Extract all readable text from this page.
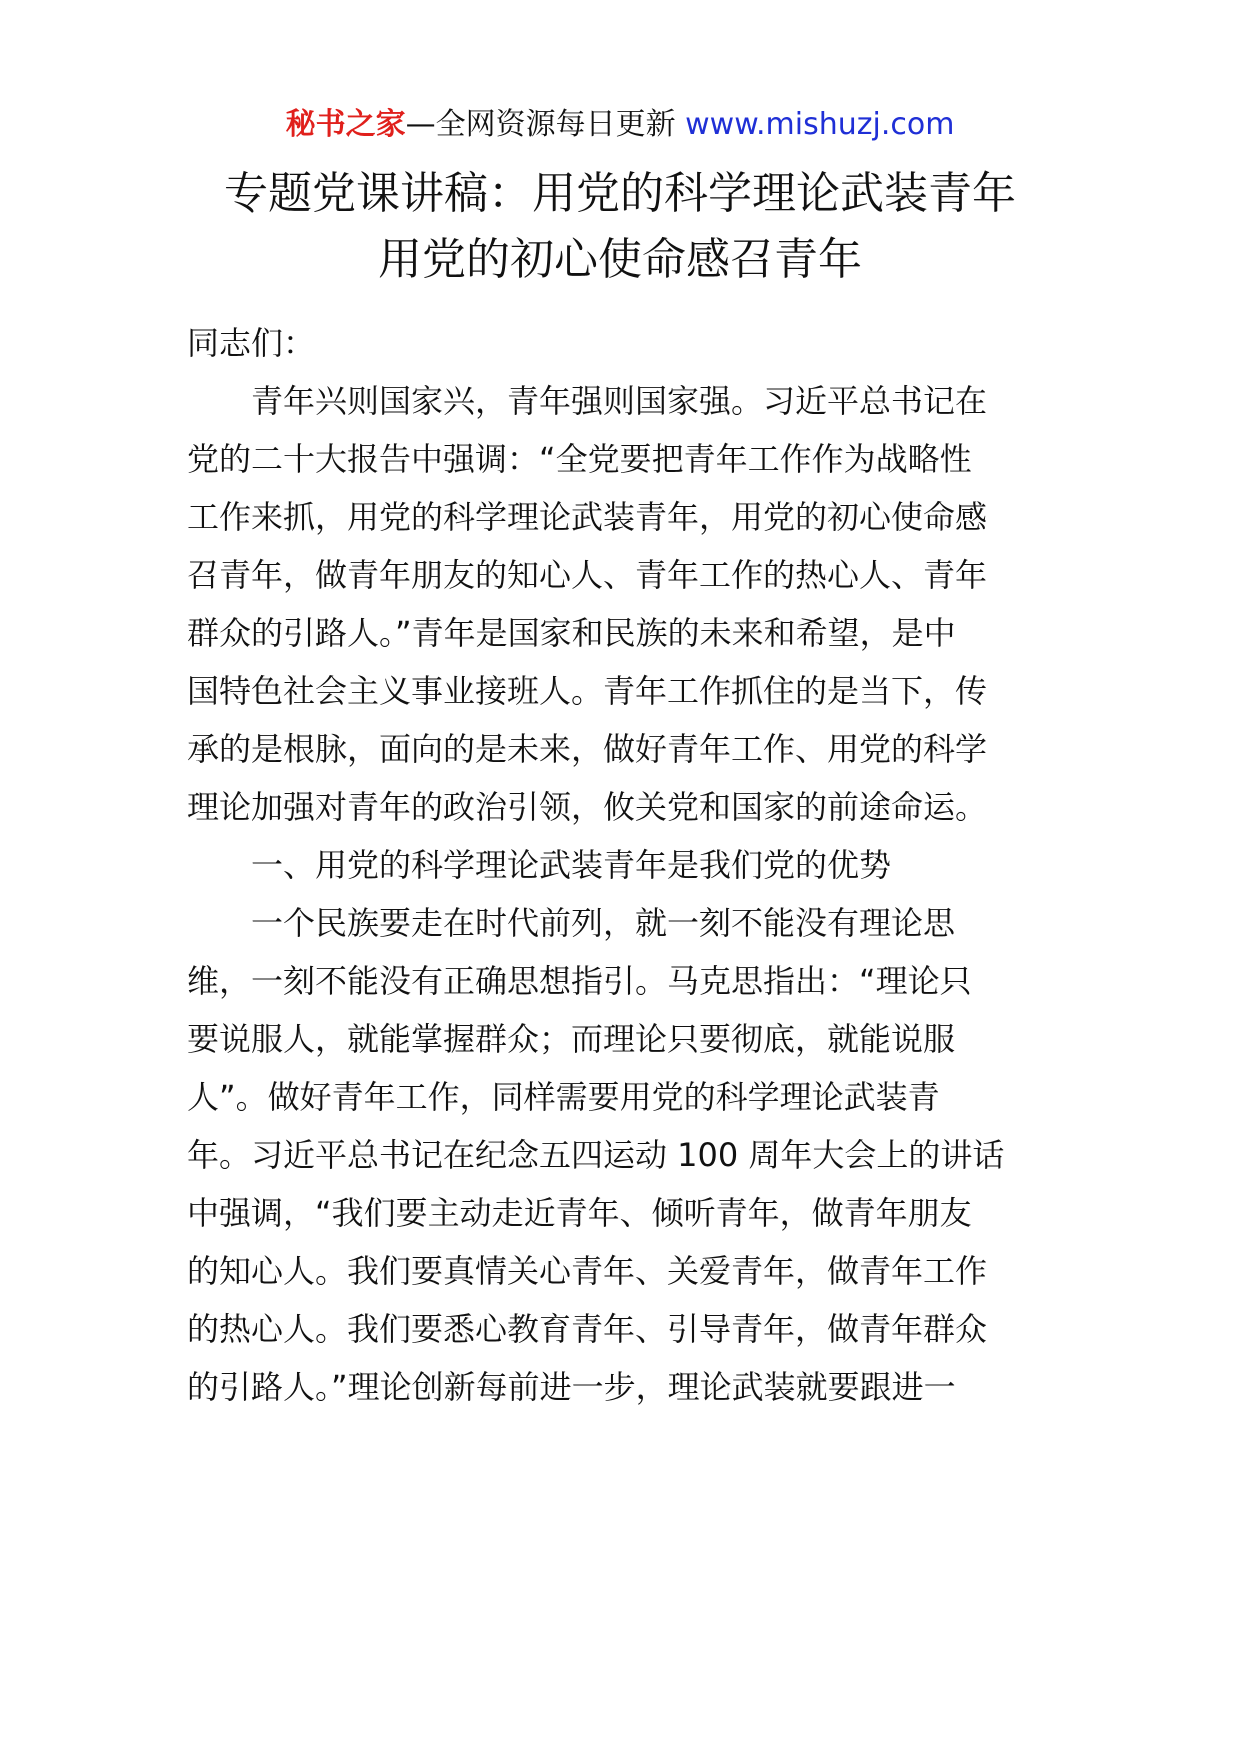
秘书之家—全网资源每日更新 www.mishuzj.com
专题党课讲稿：用党的科学理论武装青年
用党的初心使命感召青年
同志们：
　　青年兴则国家兴，青年强则国家强。习近平总书记在
党的二十大报告中强调：“全党要把青年工作作为战略性
工作来抓，用党的科学理论武装青年，用党的初心使命感
召青年，做青年朋友的知心人、青年工作的热心人、青年
群众的引路人。”青年是国家和民族的未来和希望，是中
国特色社会主义事业接班人。青年工作抓住的是当下，传
承的是根脉，面向的是未来，做好青年工作、用党的科学
理论加强对青年的政治引领，攸关党和国家的前途命运。
　　一、用党的科学理论武装青年是我们党的优势
　　一个民族要走在时代前列，就一刻不能没有理论思
维，一刻不能没有正确思想指引。马克思指出：“理论只
要说服人，就能掌握群众；而理论只要彻底，就能说服
人”。做好青年工作，同样需要用党的科学理论武装青
年。习近平总书记在纪念五四运动 100 周年大会上的讲话
中强调，“我们要主动走近青年、倾听青年，做青年朋友
的知心人。我们要真情关心青年、关爱青年，做青年工作
的热心人。我们要悉心教育青年、引导青年，做青年群众
的引路人。”理论创新每前进一步，理论武装就要跟进一
